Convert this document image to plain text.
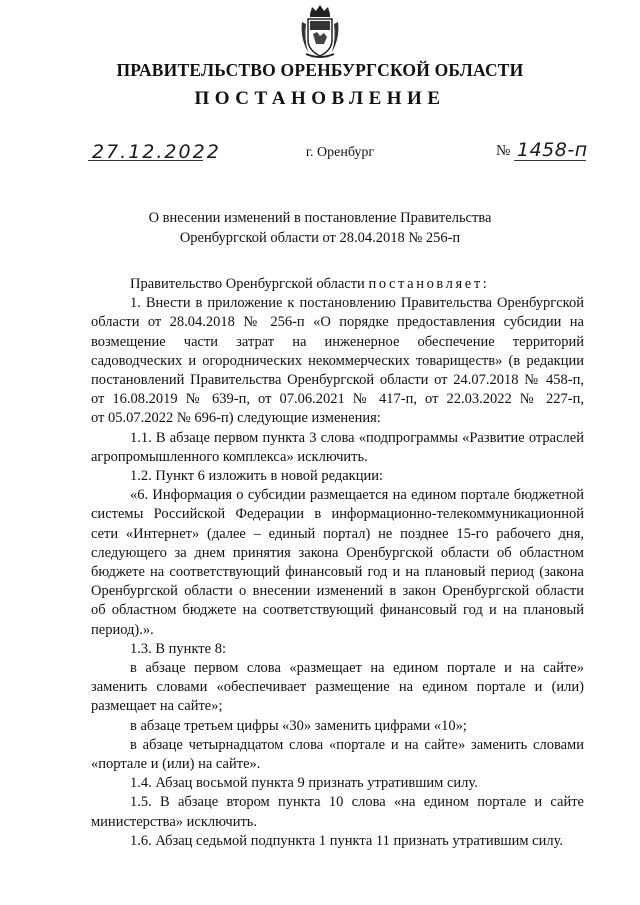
ПРАВИТЕЛЬСТВО ОРЕНБУРГСКОЙ ОБЛАСТИ
ПОСТАНОВЛЕНИЕ
27.12.2022	г. Оренбург	№ 1458-п
О внесении изменений в постановление Правительства
Оренбургской области от 28.04.2018 № 256-п

Правительство Оренбургской области постановляет:

1. Внести в приложение к постановлению Правительства Оренбургской
области от 28.04.2018 № 256-п «О порядке предоставления субсидии на
возмещение части затрат на инженерное обеспечение территорий
садоводческих и огороднических некоммерческих товариществ» (в редакции
постановлений Правительства Оренбургской области от 24.07.2018 № 458-п,
от 16.08.2019 № 639-п, от 07.06.2021 № 417-п, от 22.03.2022 № 227-п,
от 05.07.2022 № 696-п) следующие изменения:
1.1. В абзаце первом пункта 3 слова «подпрограммы «Развитие отраслей
агропромышленного комплекса» исключить.

1.2. Пункт 6 изложить в новой редакции:

«6. Информация о субсидии размещается на едином портале бюджетной
системы Российской Федерации в информационно-телекоммуникационной
сети «Интернет» (далее – единый портал) не позднее 15-го рабочего дня,
следующего за днем принятия закона Оренбургской области об областном
бюджете на соответствующий финансовый год и на плановый период (закона
Оренбургской области о внесении изменений в закон Оренбургской области
об областном бюджете на соответствующий финансовый год и на плановый
период).».

1.3. В пункте 8:

в абзаце первом слова «размещает на едином портале и на сайте»
заменить словами «обеспечивает размещение на едином портале и (или)
размещает на сайте»;

в абзаце третьем цифры «30» заменить цифрами «10»;

в абзаце четырнадцатом слова «портале и на сайте» заменить словами
«портале и (или) на сайте».

1.4. Абзац восьмой пункта 9 признать утратившим силу.

1.5. В абзаце втором пункта 10 слова «на едином портале и сайте
министерства» исключить.

1.6. Абзац седьмой подпункта 1 пункта 11 признать утратившим силу.
